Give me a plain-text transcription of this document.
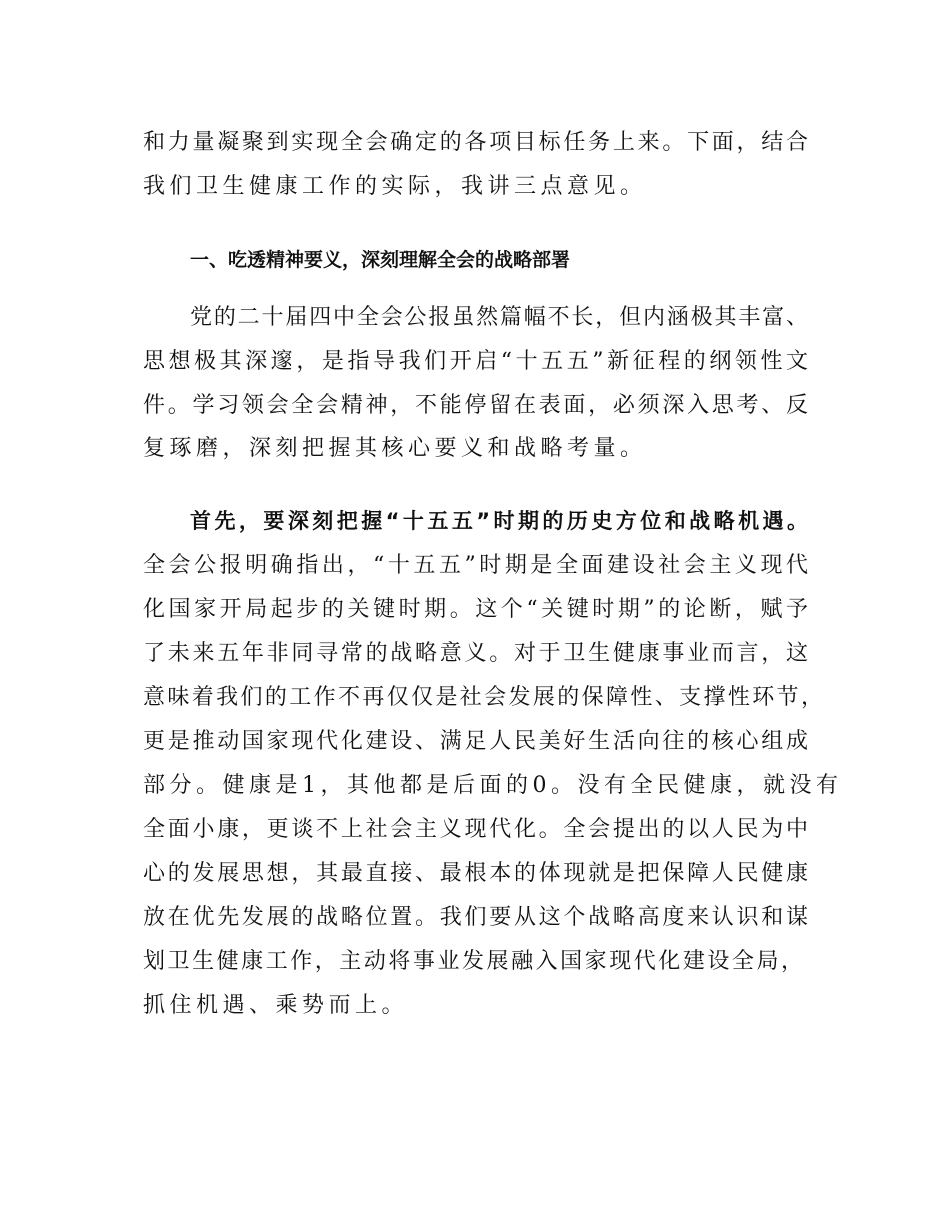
和力量凝聚到实现全会确定的各项目标任务上来。下面，结合
我们卫生健康工作的实际，我讲三点意见。
一、吃透精神要义，深刻理解全会的战略部署
党的二十届四中全会公报虽然篇幅不长，但内涵极其丰富、
思想极其深邃，是指导我们开启“十五五”新征程的纲领性文
件。学习领会全会精神，不能停留在表面，必须深入思考、反
复琢磨，深刻把握其核心要义和战略考量。
首先，要深刻把握“十五五”时期的历史方位和战略机遇。
全会公报明确指出，“十五五”时期是全面建设社会主义现代
化国家开局起步的关键时期。这个“关键时期”的论断，赋予
了未来五年非同寻常的战略意义。对于卫生健康事业而言，这
意味着我们的工作不再仅仅是社会发展的保障性、支撑性环节，
更是推动国家现代化建设、满足人民美好生活向往的核心组成
部分。健康是1，其他都是后面的0。没有全民健康，就没有
全面小康，更谈不上社会主义现代化。全会提出的以人民为中
心的发展思想，其最直接、最根本的体现就是把保障人民健康
放在优先发展的战略位置。我们要从这个战略高度来认识和谋
划卫生健康工作，主动将事业发展融入国家现代化建设全局，
抓住机遇、乘势而上。
